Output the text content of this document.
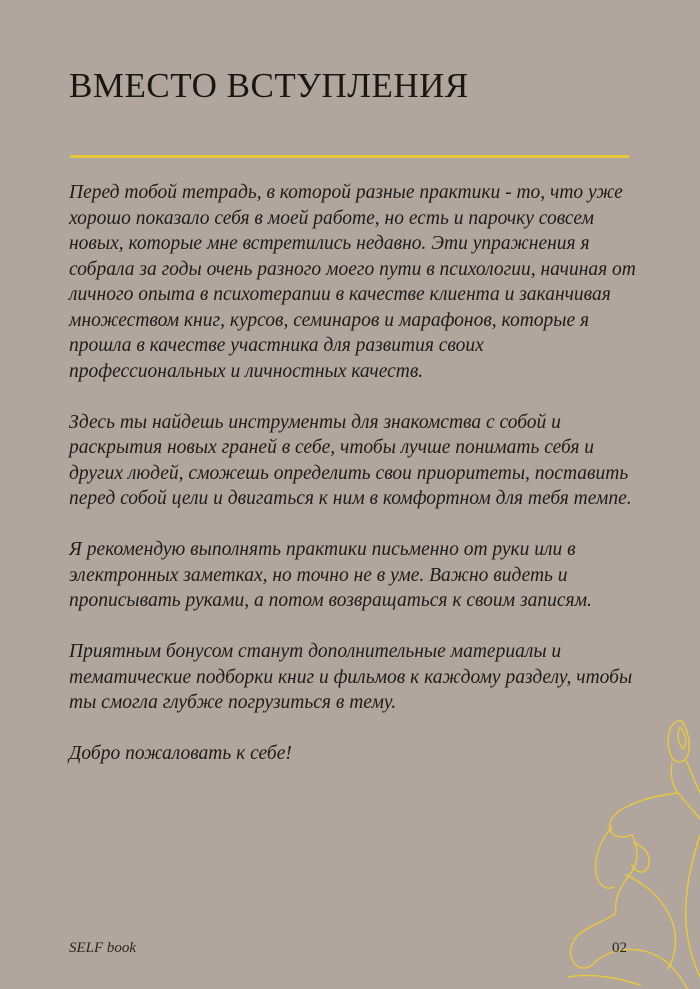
ВМЕСТО ВСТУПЛЕНИЯ

Перед тобой тетрадь, в которой разные практики - то, что уже хорошо показало себя в моей работе, но есть и парочку совсем новых, которые мне встретились недавно. Эти упражнения я собрала за годы очень разного моего пути в психологии, начиная от личного опыта в психотерапии в качестве клиента и заканчивая множеством книг, курсов, семинаров и марафонов, которые я прошла в качестве участника для развития своих профессиональных и личностных качеств.

Здесь ты найдешь инструменты для знакомства с собой и раскрытия новых граней в себе, чтобы лучше понимать себя и других людей, сможешь определить свои приоритеты, поставить перед собой цели и двигаться к ним в комфортном для тебя темпе.

Я рекомендую выполнять практики письменно от руки или в электронных заметках, но точно не в уме. Важно видеть и прописывать руками, а потом возвращаться к своим записям.

Приятным бонусом станут дополнительные материалы и тематические подборки книг и фильмов к каждому разделу, чтобы ты смогла глубже погрузиться в тему.

Добро пожаловать к себе!

SELF book	02
